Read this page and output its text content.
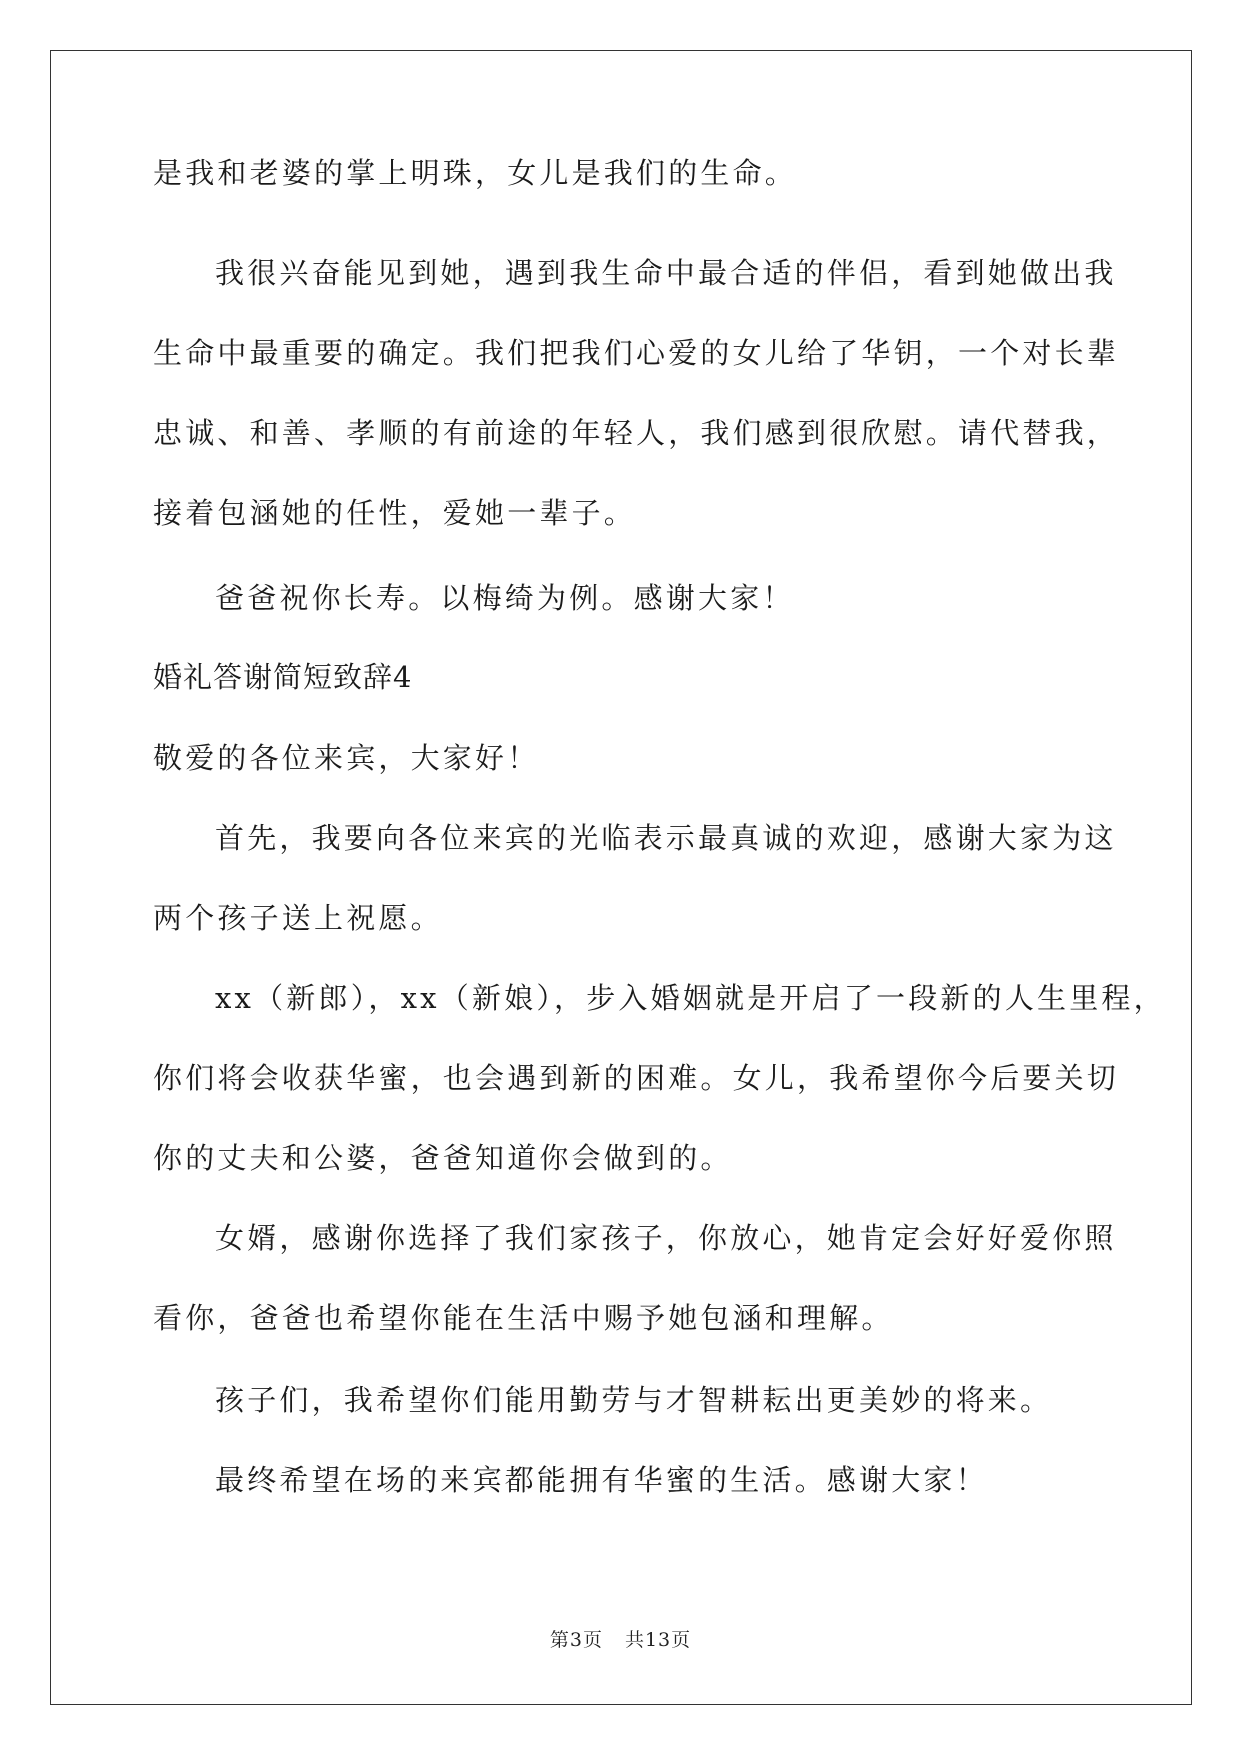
是我和老婆的掌上明珠，女儿是我们的生命。
我很兴奋能见到她，遇到我生命中最合适的伴侣，看到她做出我
生命中最重要的确定。我们把我们心爱的女儿给了华钥，一个对长辈
忠诚、和善、孝顺的有前途的年轻人，我们感到很欣慰。请代替我，
接着包涵她的任性，爱她一辈子。
爸爸祝你长寿。以梅绮为例。感谢大家！
婚礼答谢简短致辞4
敬爱的各位来宾，大家好！
首先，我要向各位来宾的光临表示最真诚的欢迎，感谢大家为这
两个孩子送上祝愿。
xx（新郎），xx（新娘），步入婚姻就是开启了一段新的人生里程，
你们将会收获华蜜，也会遇到新的困难。女儿，我希望你今后要关切
你的丈夫和公婆，爸爸知道你会做到的。
女婿，感谢你选择了我们家孩子，你放心，她肯定会好好爱你照
看你，爸爸也希望你能在生活中赐予她包涵和理解。
孩子们，我希望你们能用勤劳与才智耕耘出更美妙的将来。
最终希望在场的来宾都能拥有华蜜的生活。感谢大家！
第3页 共13页
